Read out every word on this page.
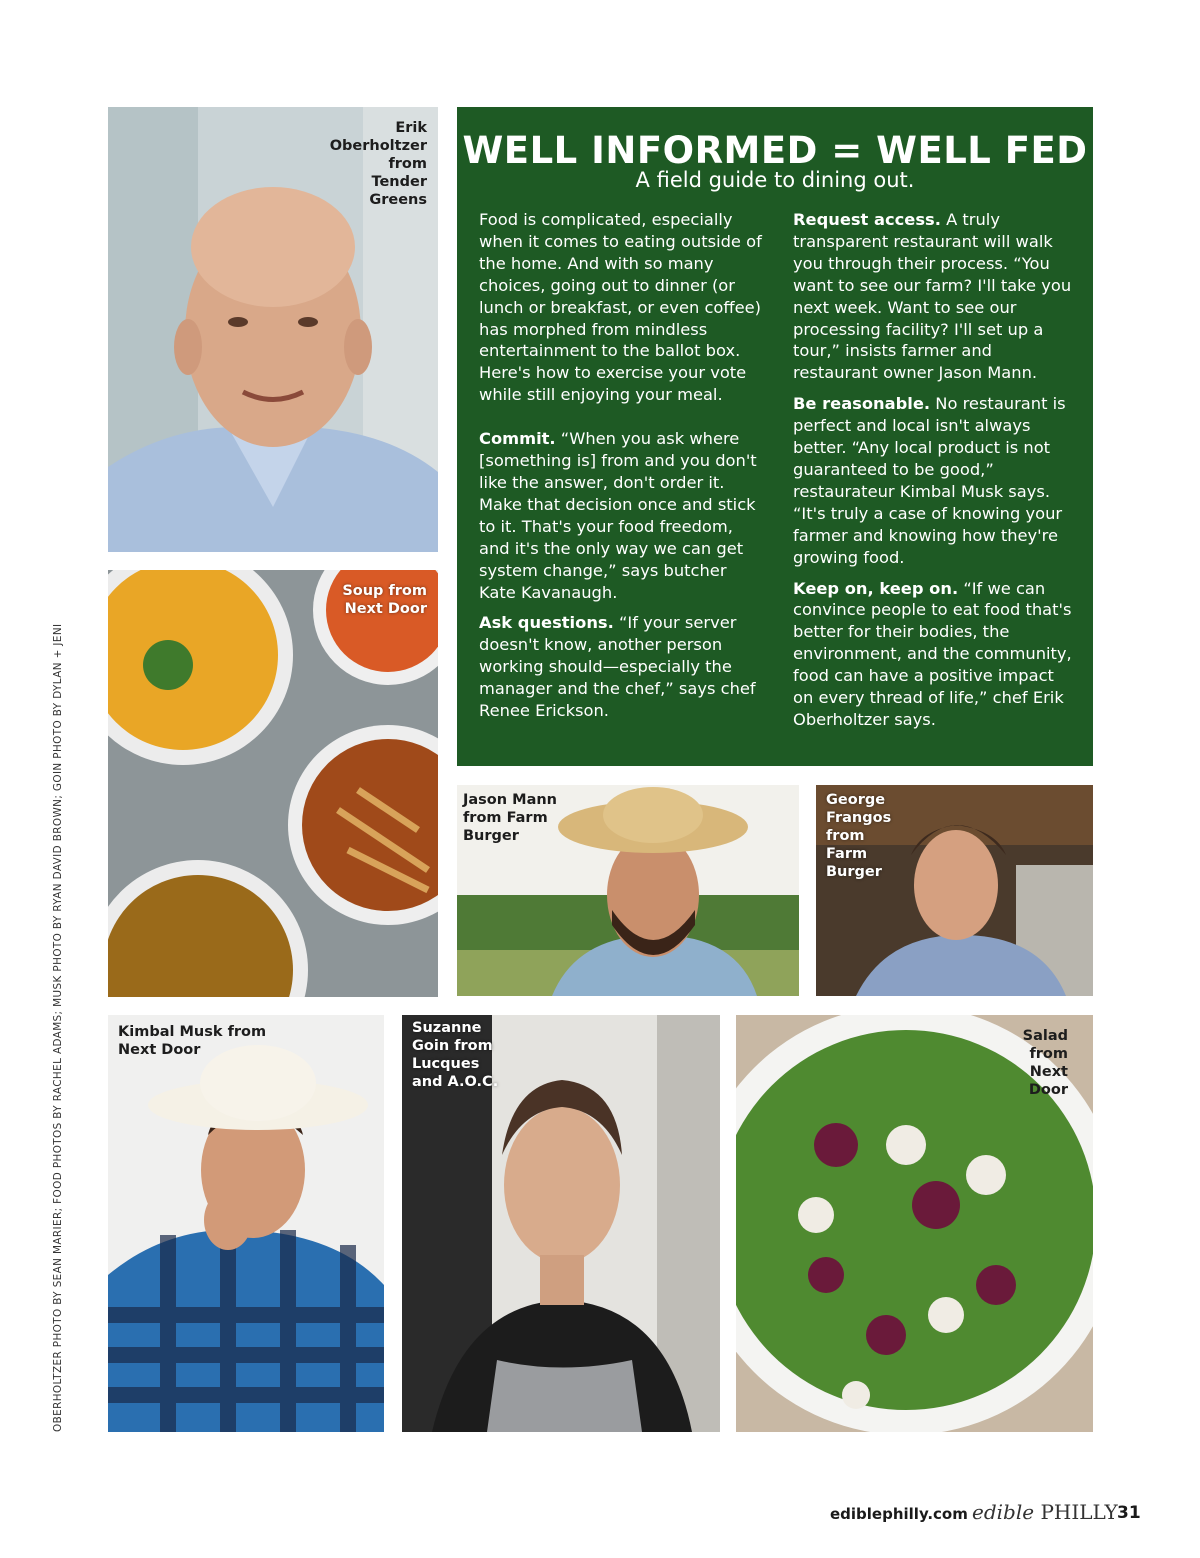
Erik
Oberholtzer
from
Tender
Greens
Soup from
Next Door
WELL INFORMED = WELL FED
A field guide to dining out.

Food is complicated, especially when it comes to eating outside of the home. And with so many choices, going out to dinner (or lunch or breakfast, or even coffee) has morphed from mindless entertainment to the ballot box. Here's how to exercise your vote while still enjoying your meal.

Commit. “When you ask where [something is] from and you don't like the answer, don't order it. Make that decision once and stick to it. That's your food freedom, and it's the only way we can get system change,” says butcher Kate Kavanaugh.

Ask questions. “If your server doesn't know, another person working should—especially the manager and the chef,” says chef Renee Erickson.

Request access. A truly transparent restaurant will walk you through their process. “You want to see our farm? I'll take you next week. Want to see our processing facility? I'll set up a tour,” insists farmer and restaurant owner Jason Mann.

Be reasonable. No restaurant is perfect and local isn't always better. “Any local product is not guaranteed to be good,” restaurateur Kimbal Musk says. “It's truly a case of knowing your farmer and knowing how they're growing food.

Keep on, keep on. “If we can convince people to eat food that's better for their bodies, the environment, and the community, food can have a positive impact on every thread of life,” chef Erik Oberholtzer says.

Jason Mann
from Farm
Burger
George
Frangos
from
Farm
Burger
Kimbal Musk from
Next Door
Suzanne
Goin from
Lucques
and A.O.C.
Salad
from
Next
Door
OBERHOLTZER PHOTO BY SEAN MARIER; FOOD PHOTOS BY RACHEL ADAMS; MUSK PHOTO BY RYAN DAVID BROWN; GOIN PHOTO BY DYLAN + JENI
ediblephilly.com edible PHILLY 31
